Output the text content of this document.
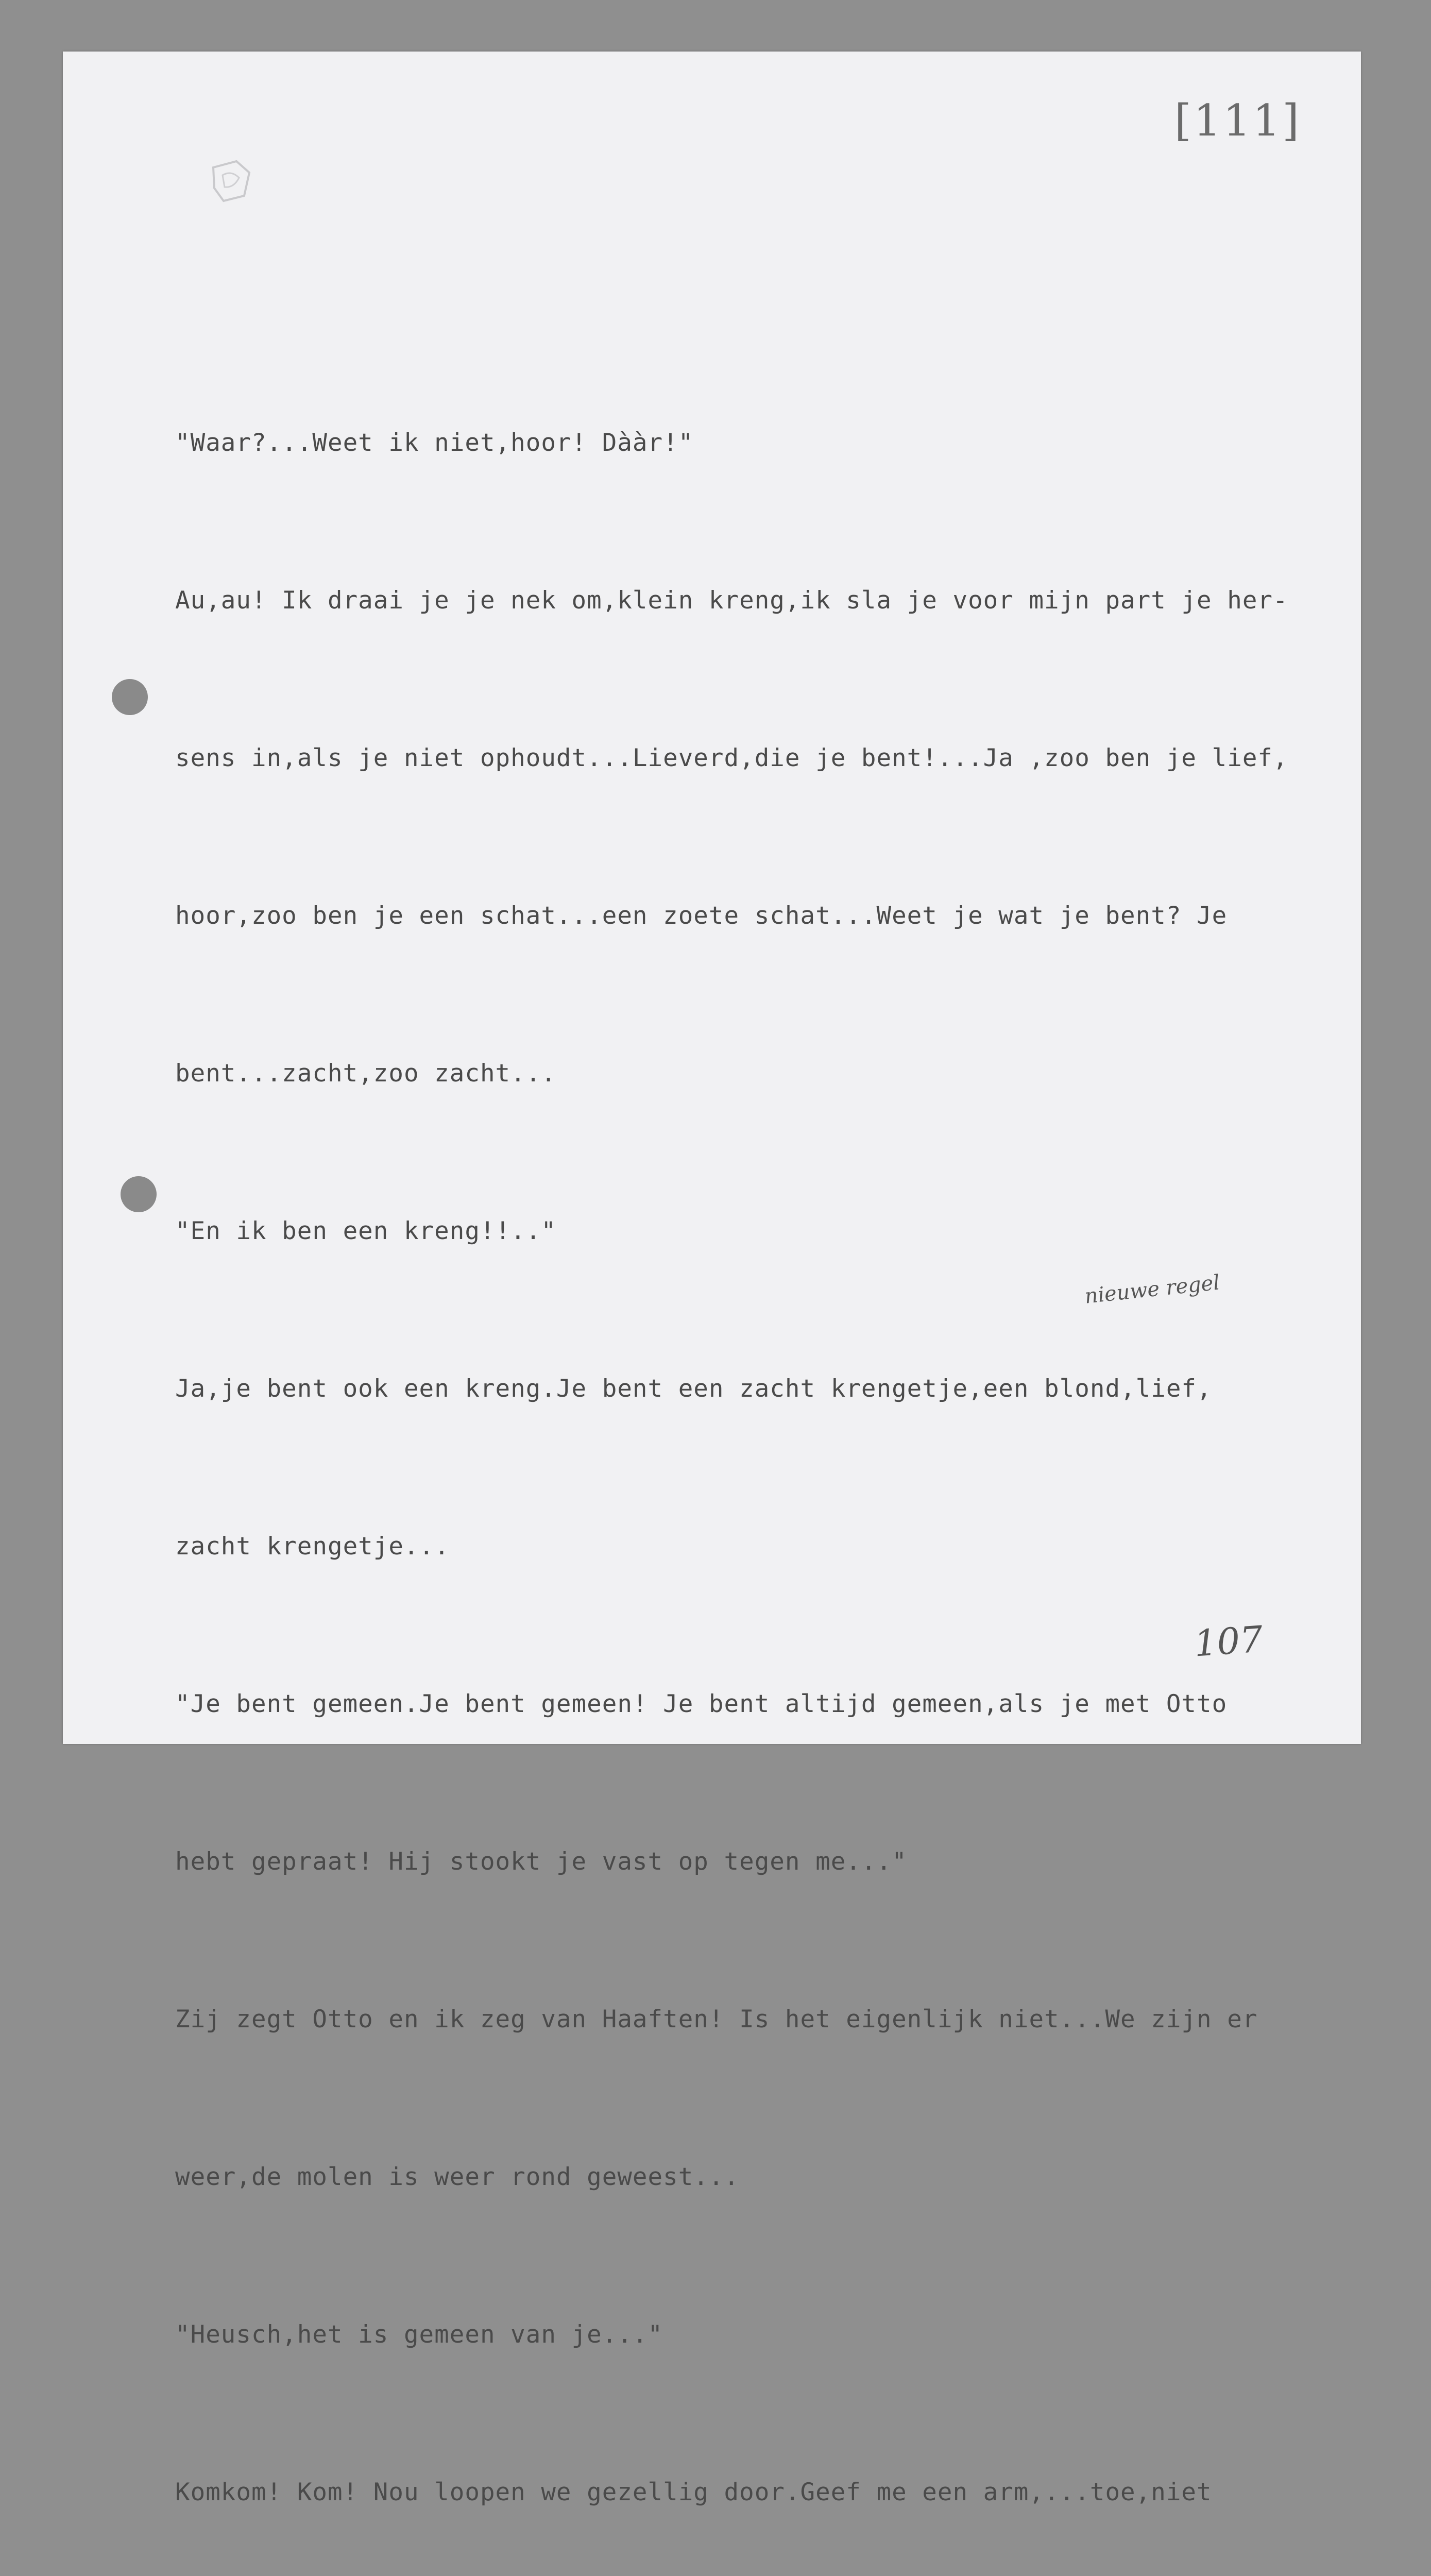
[111]
107
nieuwe regel

"Waar?...Weet ik niet,hoor! Dààr!"

Au,au! Ik draai je je nek om,klein kreng,ik sla je voor mijn part je her-

sens in,als je niet ophoudt...Lieverd,die je bent!...Ja ,zoo ben je lief,

hoor,zoo ben je een schat...een zoete schat...Weet je wat je bent? Je

bent...zacht,zoo zacht...

"En ik ben een kreng!!.."

Ja,je bent ook een kreng.Je bent een zacht krengetje,een blond,lief,

zacht krengetje...

"Je bent gemeen.Je bent gemeen! Je bent altijd gemeen,als je met Otto

hebt gepraat! Hij stookt je vast op tegen me..."

Zij zegt Otto en ik zeg van Haaften! Is het eigenlijk niet...We zijn er

weer,de molen is weer rond geweest...

"Heusch,het is gemeen van je..."

Komkom! Kom! Nou loopen we gezellig door.Geef me een arm,...toe,niet
